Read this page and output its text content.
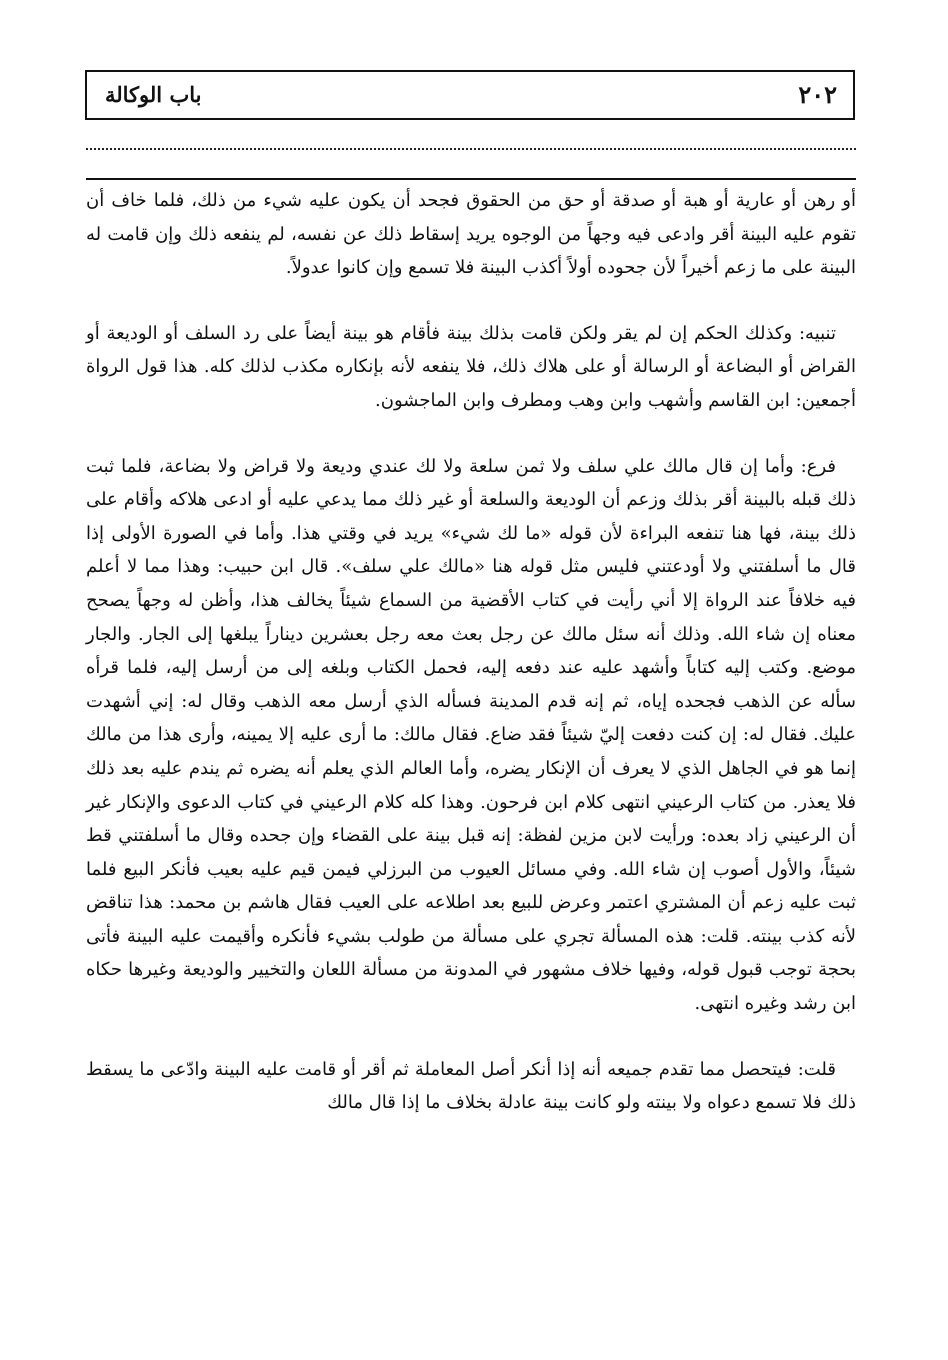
٢٠٢
باب الوكالة

أو رهن أو عارية أو هبة أو صدقة أو حق من الحقوق فجحد أن يكون عليه شيء من ذلك، فلما خاف أن تقوم عليه البينة أقر وادعى فيه وجهاً من الوجوه يريد إسقاط ذلك عن نفسه، لم ينفعه ذلك وإن قامت له البينة على ما زعم أخيراً لأن جحوده أولاً أكذب البينة فلا تسمع وإن كانوا عدولاً.

تنبيه: وكذلك الحكم إن لم يقر ولكن قامت بذلك بينة فأقام هو بينة أيضاً على رد السلف أو الوديعة أو القراض أو البضاعة أو الرسالة أو على هلاك ذلك، فلا ينفعه لأنه بإنكاره مكذب لذلك كله. هذا قول الرواة أجمعين: ابن القاسم وأشهب وابن وهب ومطرف وابن الماجشون.

فرع: وأما إن قال مالك علي سلف ولا ثمن سلعة ولا لك عندي وديعة ولا قراض ولا بضاعة، فلما ثبت ذلك قبله بالبينة أقر بذلك وزعم أن الوديعة والسلعة أو غير ذلك مما يدعي عليه أو ادعى هلاكه وأقام على ذلك بينة، فها هنا تنفعه البراءة لأن قوله «ما لك شيء» يريد في وقتي هذا. وأما في الصورة الأولى إذا قال ما أسلفتني ولا أودعتني فليس مثل قوله هنا «مالك علي سلف». قال ابن حبيب: وهذا مما لا أعلم فيه خلافاً عند الرواة إلا أني رأيت في كتاب الأقضية من السماع شيئاً يخالف هذا، وأظن له وجهاً يصحح معناه إن شاء الله. وذلك أنه سئل مالك عن رجل بعث معه رجل بعشرين ديناراً يبلغها إلى الجار. والجار موضع. وكتب إليه كتاباً وأشهد عليه عند دفعه إليه، فحمل الكتاب وبلغه إلى من أرسل إليه، فلما قرأه سأله عن الذهب فجحده إياه، ثم إنه قدم المدينة فسأله الذي أرسل معه الذهب وقال له: إني أشهدت عليك. فقال له: إن كنت دفعت إليّ شيئاً فقد ضاع. فقال مالك: ما أرى عليه إلا يمينه، وأرى هذا من مالك إنما هو في الجاهل الذي لا يعرف أن الإنكار يضره، وأما العالم الذي يعلم أنه يضره ثم يندم عليه بعد ذلك فلا يعذر. من كتاب الرعيني انتهى كلام ابن فرحون. وهذا كله كلام الرعيني في كتاب الدعوى والإنكار غير أن الرعيني زاد بعده: ورأيت لابن مزين لفظة: إنه قبل بينة على القضاء وإن جحده وقال ما أسلفتني قط شيئاً، والأول أصوب إن شاء الله. وفي مسائل العيوب من البرزلي فيمن قيم عليه بعيب فأنكر البيع فلما ثبت عليه زعم أن المشتري اعتمر وعرض للبيع بعد اطلاعه على العيب فقال هاشم بن محمد: هذا تناقض لأنه كذب بينته. قلت: هذه المسألة تجري على مسألة من طولب بشيء فأنكره وأقيمت عليه البينة فأتى بحجة توجب قبول قوله، وفيها خلاف مشهور في المدونة من مسألة اللعان والتخيير والوديعة وغيرها حكاه ابن رشد وغيره انتهى.

قلت: فيتحصل مما تقدم جميعه أنه إذا أنكر أصل المعاملة ثم أقر أو قامت عليه البينة وادّعى ما يسقط ذلك فلا تسمع دعواه ولا بينته ولو كانت بينة عادلة بخلاف ما إذا قال مالك
